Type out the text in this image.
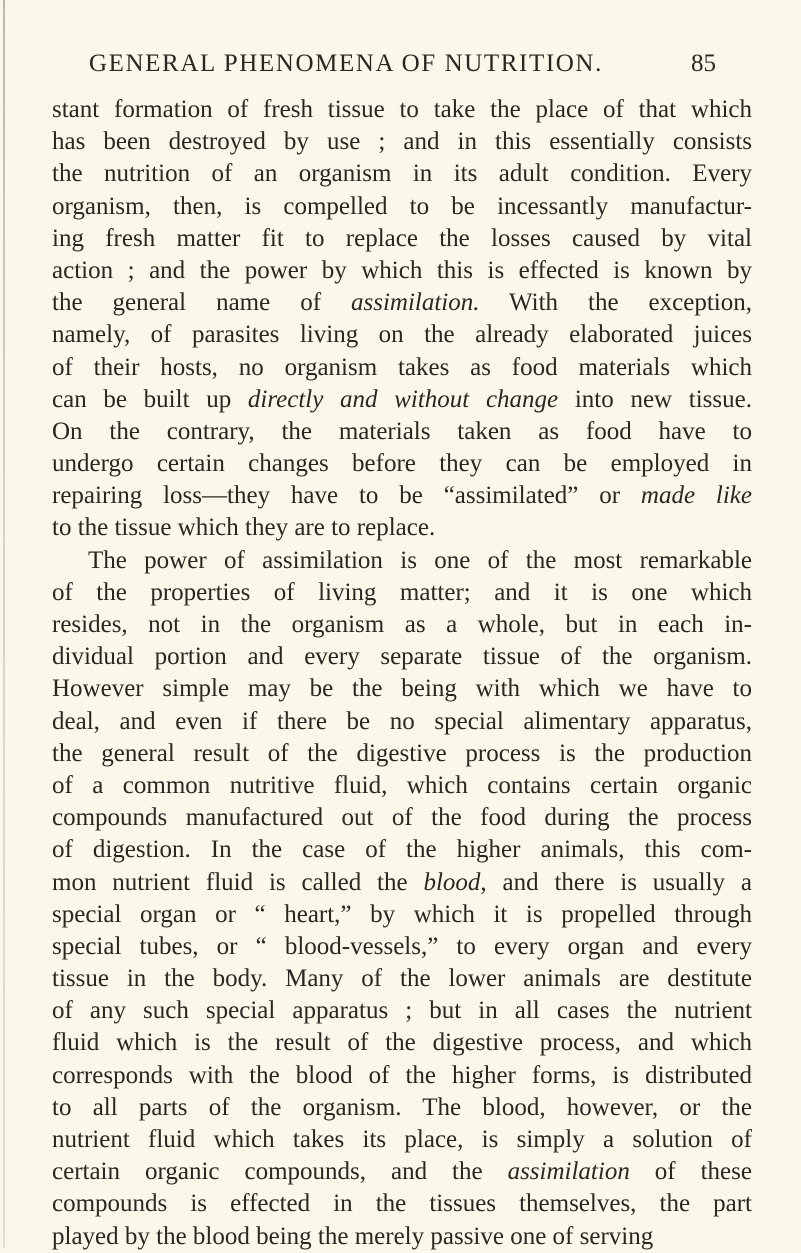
GENERAL PHENOMENA OF NUTRITION.	85
stant formation of fresh tissue to take the place of that which
has been destroyed by use ; and in this essentially consists
the nutrition of an organism in its adult condition. Every
organism, then, is compelled to be incessantly manufactur-
ing fresh matter fit to replace the losses caused by vital
action ; and the power by which this is effected is known by
the general name of assimilation. With the exception,
namely, of parasites living on the already elaborated juices
of their hosts, no organism takes as food materials which
can be built up directly and without change into new tissue.
On the contrary, the materials taken as food have to
undergo certain changes before they can be employed in
repairing loss—they have to be “assimilated” or made like
to the tissue which they are to replace.
The power of assimilation is one of the most remarkable
of the properties of living matter; and it is one which
resides, not in the organism as a whole, but in each in-
dividual portion and every separate tissue of the organism.
However simple may be the being with which we have to
deal, and even if there be no special alimentary apparatus,
the general result of the digestive process is the production
of a common nutritive fluid, which contains certain organic
compounds manufactured out of the food during the process
of digestion. In the case of the higher animals, this com-
mon nutrient fluid is called the blood, and there is usually a
special organ or “ heart,” by which it is propelled through
special tubes, or “ blood-vessels,” to every organ and every
tissue in the body. Many of the lower animals are destitute
of any such special apparatus ; but in all cases the nutrient
fluid which is the result of the digestive process, and which
corresponds with the blood of the higher forms, is distributed
to all parts of the organism. The blood, however, or the
nutrient fluid which takes its place, is simply a solution of
certain organic compounds, and the assimilation of these
compounds is effected in the tissues themselves, the part
played by the blood being the merely passive one of serving
